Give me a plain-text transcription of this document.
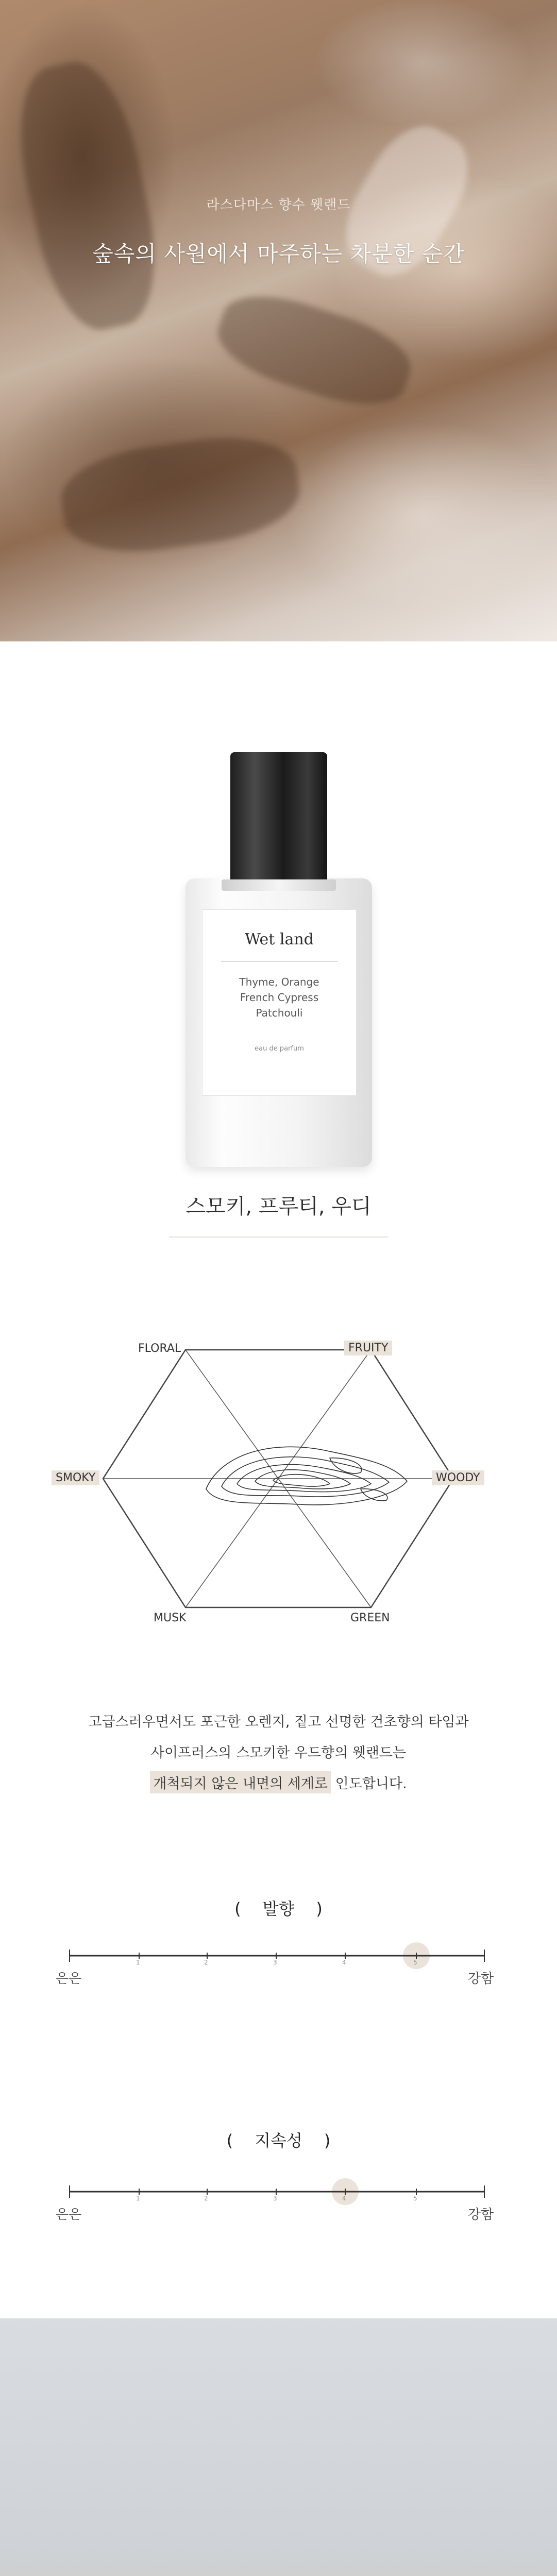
라스다마스 향수 웻랜드
숲속의 사원에서 마주하는 차분한 순간
Wet land
Thyme, Orange
French Cypress
Patchouli
eau de parfum
스모키, 프루티, 우디
FLORAL	FRUITY
SMOKY	WOODY
MUSK	GREEN
고급스러우면서도 포근한 오렌지, 짙고 선명한 건초향의 타임과
사이프러스의 스모키한 우드향의 웻랜드는
개척되지 않은 내면의 세계로 인도합니다.
( 발향 )
1	2	3	4	5
은은	강함
( 지속성 )
1	2	3	4	5
은은	강함
